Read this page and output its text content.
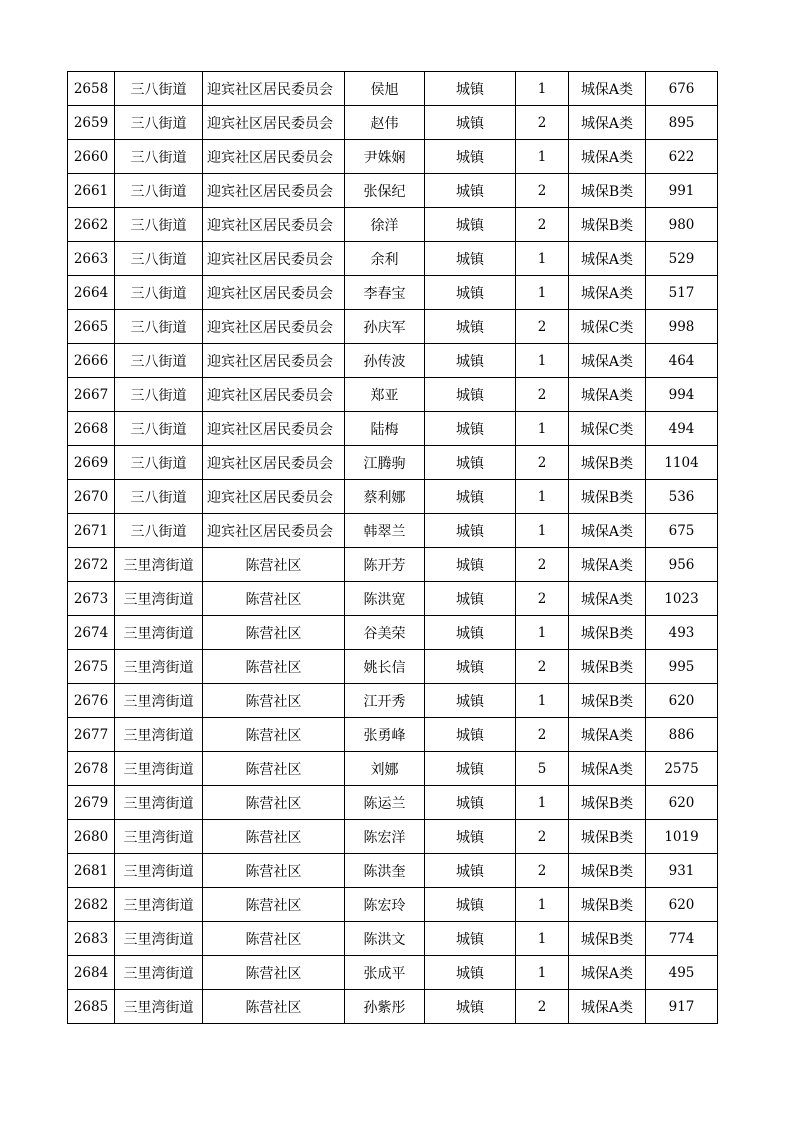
2658	三八街道	迎宾社区居民委员会	侯旭	城镇	1	城保A类	676
2659	三八街道	迎宾社区居民委员会	赵伟	城镇	2	城保A类	895
2660	三八街道	迎宾社区居民委员会	尹姝娴	城镇	1	城保A类	622
2661	三八街道	迎宾社区居民委员会	张保纪	城镇	2	城保B类	991
2662	三八街道	迎宾社区居民委员会	徐洋	城镇	2	城保B类	980
2663	三八街道	迎宾社区居民委员会	余利	城镇	1	城保A类	529
2664	三八街道	迎宾社区居民委员会	李春宝	城镇	1	城保A类	517
2665	三八街道	迎宾社区居民委员会	孙庆军	城镇	2	城保C类	998
2666	三八街道	迎宾社区居民委员会	孙传波	城镇	1	城保A类	464
2667	三八街道	迎宾社区居民委员会	郑亚	城镇	2	城保A类	994
2668	三八街道	迎宾社区居民委员会	陆梅	城镇	1	城保C类	494
2669	三八街道	迎宾社区居民委员会	江腾驹	城镇	2	城保B类	1104
2670	三八街道	迎宾社区居民委员会	蔡利娜	城镇	1	城保B类	536
2671	三八街道	迎宾社区居民委员会	韩翠兰	城镇	1	城保A类	675
2672	三里湾街道	陈营社区	陈开芳	城镇	2	城保A类	956
2673	三里湾街道	陈营社区	陈洪宽	城镇	2	城保A类	1023
2674	三里湾街道	陈营社区	谷美荣	城镇	1	城保B类	493
2675	三里湾街道	陈营社区	姚长信	城镇	2	城保B类	995
2676	三里湾街道	陈营社区	江开秀	城镇	1	城保B类	620
2677	三里湾街道	陈营社区	张勇峰	城镇	2	城保A类	886
2678	三里湾街道	陈营社区	刘娜	城镇	5	城保A类	2575
2679	三里湾街道	陈营社区	陈运兰	城镇	1	城保B类	620
2680	三里湾街道	陈营社区	陈宏洋	城镇	2	城保B类	1019
2681	三里湾街道	陈营社区	陈洪奎	城镇	2	城保B类	931
2682	三里湾街道	陈营社区	陈宏玲	城镇	1	城保B类	620
2683	三里湾街道	陈营社区	陈洪文	城镇	1	城保B类	774
2684	三里湾街道	陈营社区	张成平	城镇	1	城保A类	495
2685	三里湾街道	陈营社区	孙紫彤	城镇	2	城保A类	917
